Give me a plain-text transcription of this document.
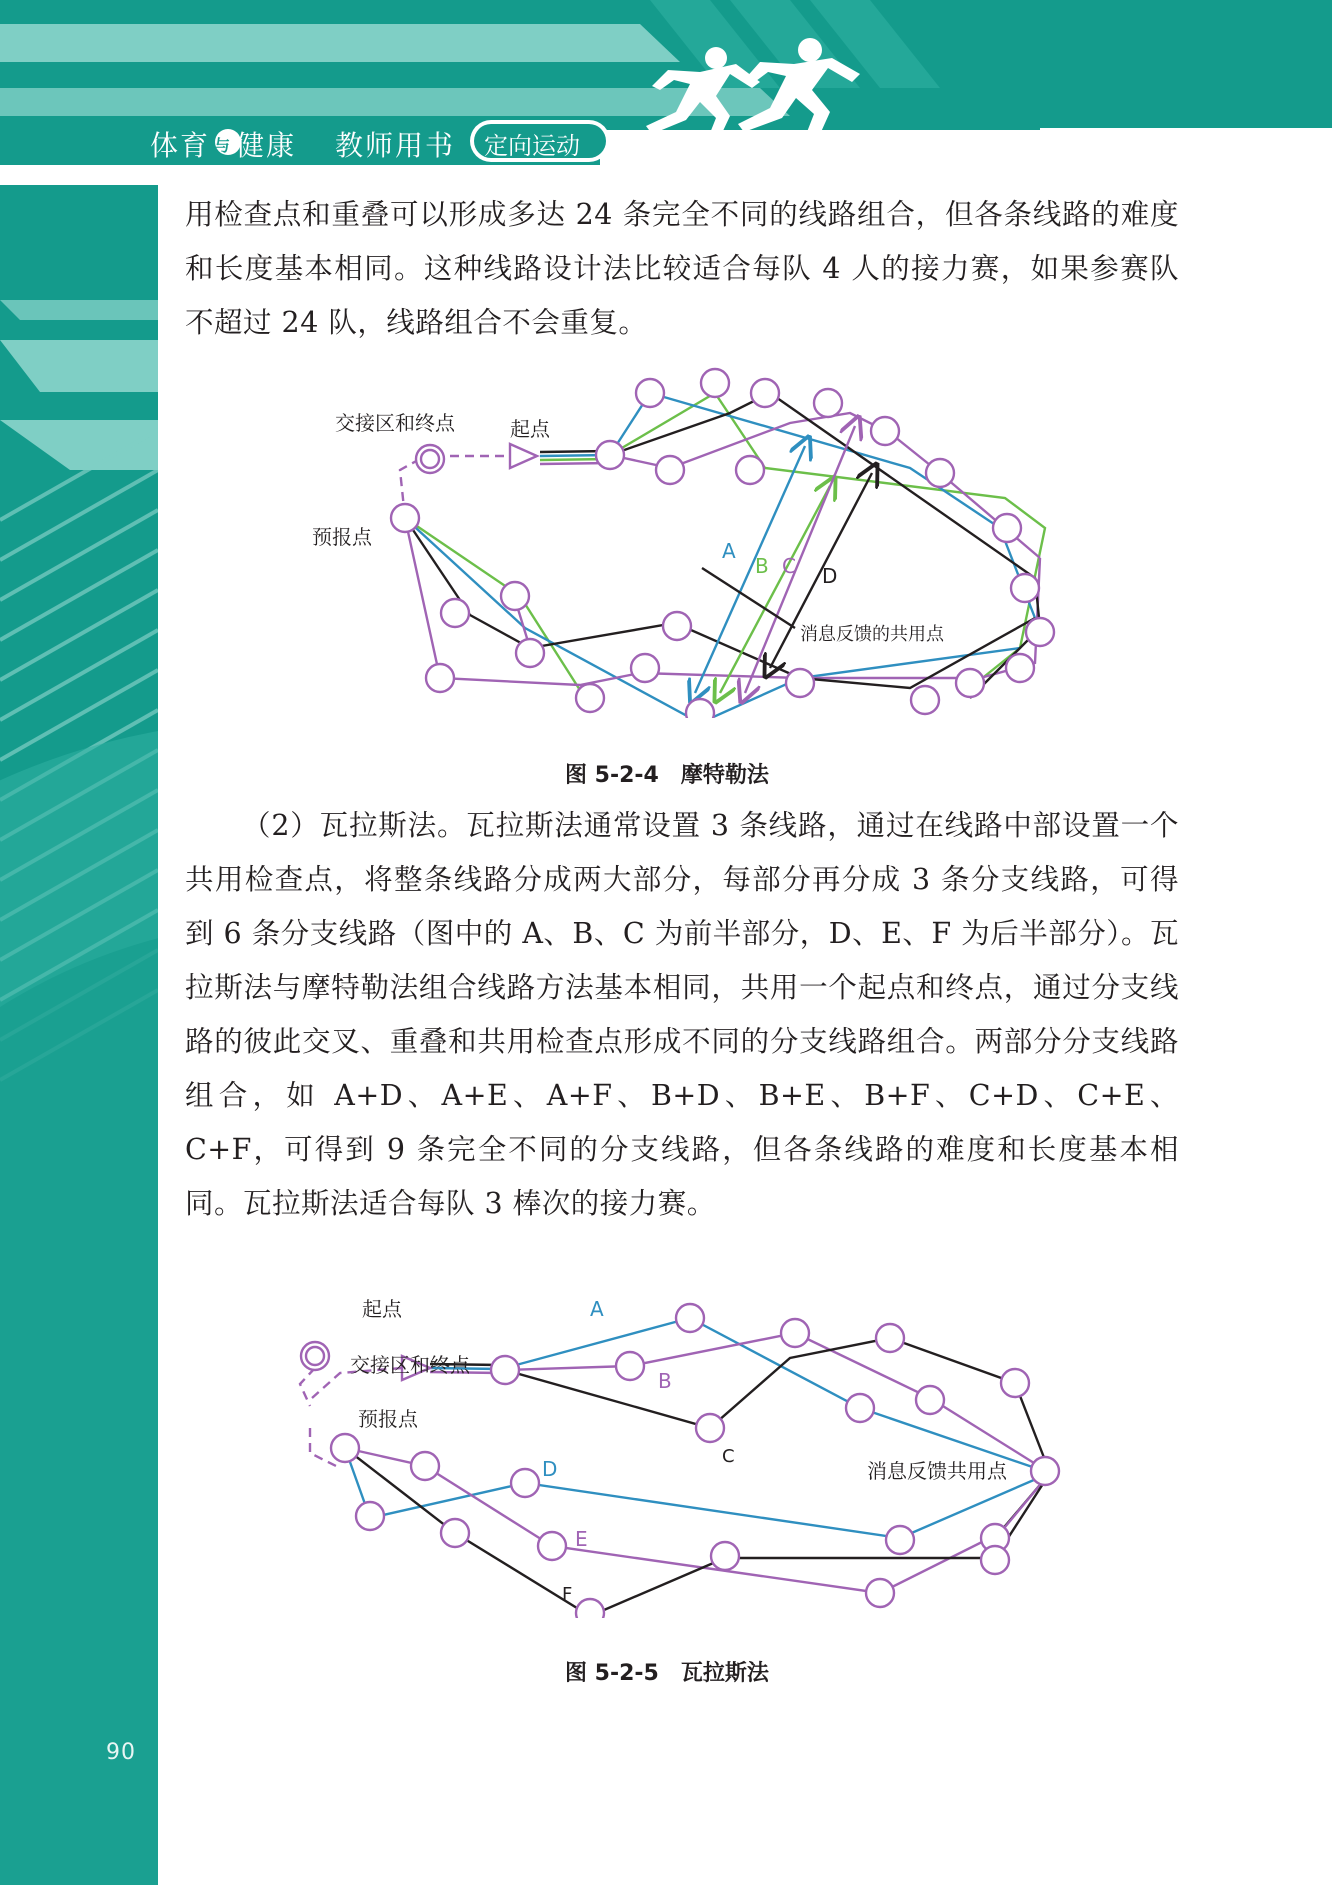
体育 与 健康 教师用书 定向运动

用检查点和重叠可以形成多达 24 条完全不同的线路组合，但各条线路的难度和长度基本相同。这种线路设计法比较适合每队 4 人的接力赛，如果参赛队不超过 24 队，线路组合不会重复。

交接区和终点	起点
预报点
消息反馈的共用点
A
B C D
图 5-2-4　摩特勒法

（2）瓦拉斯法。瓦拉斯法通常设置 3 条线路，通过在线路中部设置一个共用检查点，将整条线路分成两大部分，每部分再分成 3 条分支线路，可得到 6 条分支线路（图中的 A、B、C 为前半部分，D、E、F 为后半部分）。瓦拉斯法与摩特勒法组合线路方法基本相同，共用一个起点和终点，通过分支线路的彼此交叉、重叠和共用检查点形成不同的分支线路组合。两部分分支线路组合，如 A+D、A+E、A+F、B+D、B+E、B+F、C+D、C+E、C+F，可得到 9 条完全不同的分支线路，但各条线路的难度和长度基本相同。瓦拉斯法适合每队 3 棒次的接力赛。

起点
交接区和终点
预报点
消息反馈共用点
A
B
C
D
E
F
图 5-2-5　瓦拉斯法
90
